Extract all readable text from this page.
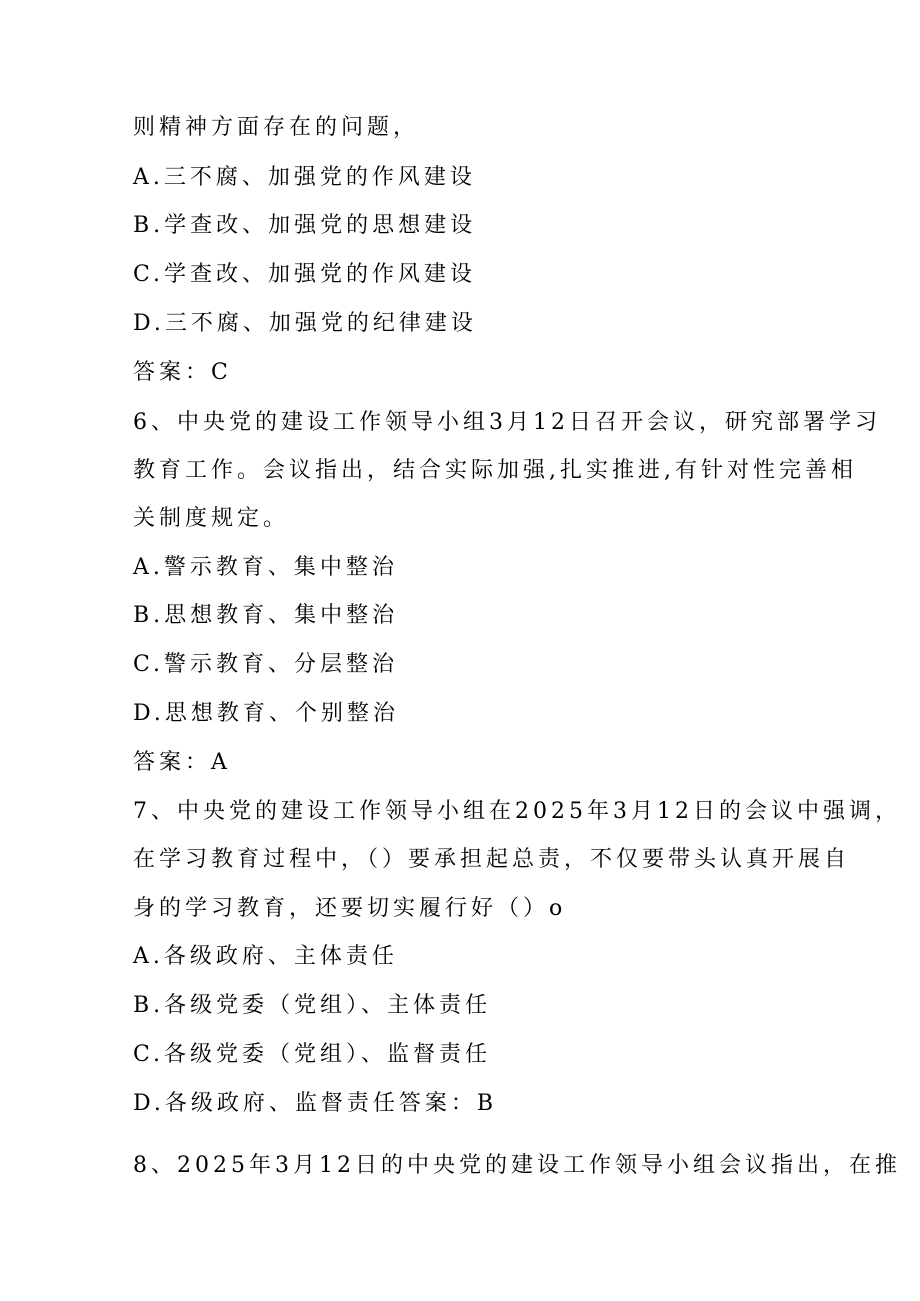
则精神方面存在的问题，
A.三不腐、加强党的作风建设
B.学查改、加强党的思想建设
C.学查改、加强党的作风建设
D.三不腐、加强党的纪律建设
答案：C
6、中央党的建设工作领导小组3月12日召开会议，研究部署学习
教育工作。会议指出，结合实际加强,扎实推进,有针对性完善相
关制度规定。
A.警示教育、集中整治
B.思想教育、集中整治
C.警示教育、分层整治
D.思想教育、个别整治
答案：A
7、中央党的建设工作领导小组在2025年3月12日的会议中强调，
在学习教育过程中，（）要承担起总责，不仅要带头认真开展自
身的学习教育，还要切实履行好（）o
A.各级政府、主体责任
B.各级党委（党组）、主体责任
C.各级党委（党组）、监督责任
D.各级政府、监督责任答案：B
8、2025年3月12日的中央党的建设工作领导小组会议指出，在推
